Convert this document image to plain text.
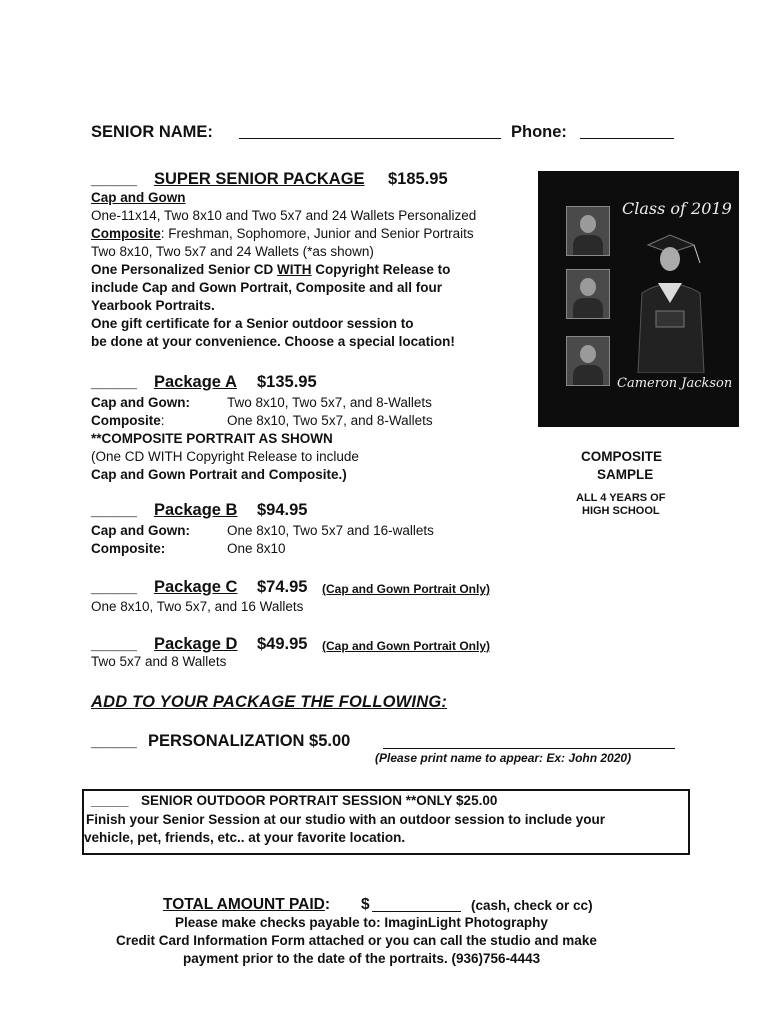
SENIOR NAME:	Phone:
_____ SUPER SENIOR PACKAGE $185.95
Cap and Gown
One-11x14, Two 8x10 and Two 5x7 and 24 Wallets Personalized
Composite: Freshman, Sophomore, Junior and Senior Portraits
Two 8x10, Two 5x7 and 24 Wallets (*as shown)
One Personalized Senior CD WITH Copyright Release to
include Cap and Gown Portrait, Composite and all four
Yearbook Portraits.
One gift certificate for a Senior outdoor session to
be done at your convenience. Choose a special location!
_____ Package A $135.95
Cap and Gown:	Two 8x10, Two 5x7, and 8-Wallets
Composite:	One 8x10, Two 5x7, and 8-Wallets
**COMPOSITE PORTRAIT AS SHOWN
(One CD WITH Copyright Release to include
Cap and Gown Portrait and Composite.)
_____ Package B $94.95
Cap and Gown:	One 8x10, Two 5x7 and 16-wallets
Composite:	One 8x10
_____ Package C $74.95 (Cap and Gown Portrait Only)
One 8x10, Two 5x7, and 16 Wallets
_____ Package D $49.95 (Cap and Gown Portrait Only)
Two 5x7 and 8 Wallets
ADD TO YOUR PACKAGE THE FOLLOWING:
_____ PERSONALIZATION $5.00
(Please print name to appear: Ex: John 2020)
_____ SENIOR OUTDOOR PORTRAIT SESSION **ONLY $25.00
Finish your Senior Session at our studio with an outdoor session to include your
vehicle, pet, friends, etc.. at your favorite location.
TOTAL AMOUNT PAID: $	(cash, check or cc)
Please make checks payable to: ImaginLight Photography
Credit Card Information Form attached or you can call the studio and make
payment prior to the date of the portraits. (936)756-4443
Class of 2019
Cameron Jackson
COMPOSITE
SAMPLE
ALL 4 YEARS OF
HIGH SCHOOL
